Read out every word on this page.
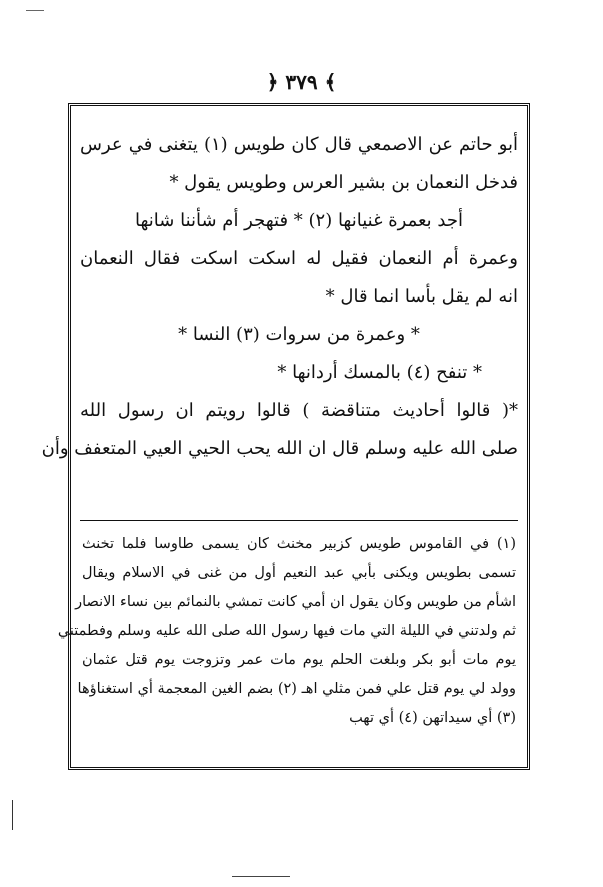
﴿ ٣٧٩ ﴾
أبو حاتم عن الاصمعي قال كان طويس (١) يتغنى في عرس
فدخل النعمان بن بشير العرس وطويس يقول *
أجد بعمرة غنيانها (٢) * فتهجر أم شأننا شانها
وعمرة أم النعمان فقيل له اسكت اسكت فقال النعمان
انه لم يقل بأسا انما قال *
* وعمرة من سروات (٣) النسا *
* تنفح (٤) بالمسك أردانها *
*( قالوا أحاديث متناقضة ) قالوا رويتم ان رسول الله
صلى الله عليه وسلم قال ان الله يحب الحيي العيي المتعفف وأن
(١) في القاموس طويس كزبير مخنث كان يسمى طاوسا فلما تخنث
تسمى بطويس ويكنى بأبي عبد النعيم أول من غنى في الاسلام ويقال
اشأم من طويس وكان يقول ان أمي كانت تمشي بالنمائم بين نساء الانصار
ثم ولدتني في الليلة التي مات فيها رسول الله صلى الله عليه وسلم وفطمتني
يوم مات أبو بكر وبلغت الحلم يوم مات عمر وتزوجت يوم قتل عثمان
وولد لي يوم قتل علي فمن مثلي اهـ (٢) بضم الغين المعجمة أي استغناؤها
(٣) أي سيداتهن (٤) أي تهب
